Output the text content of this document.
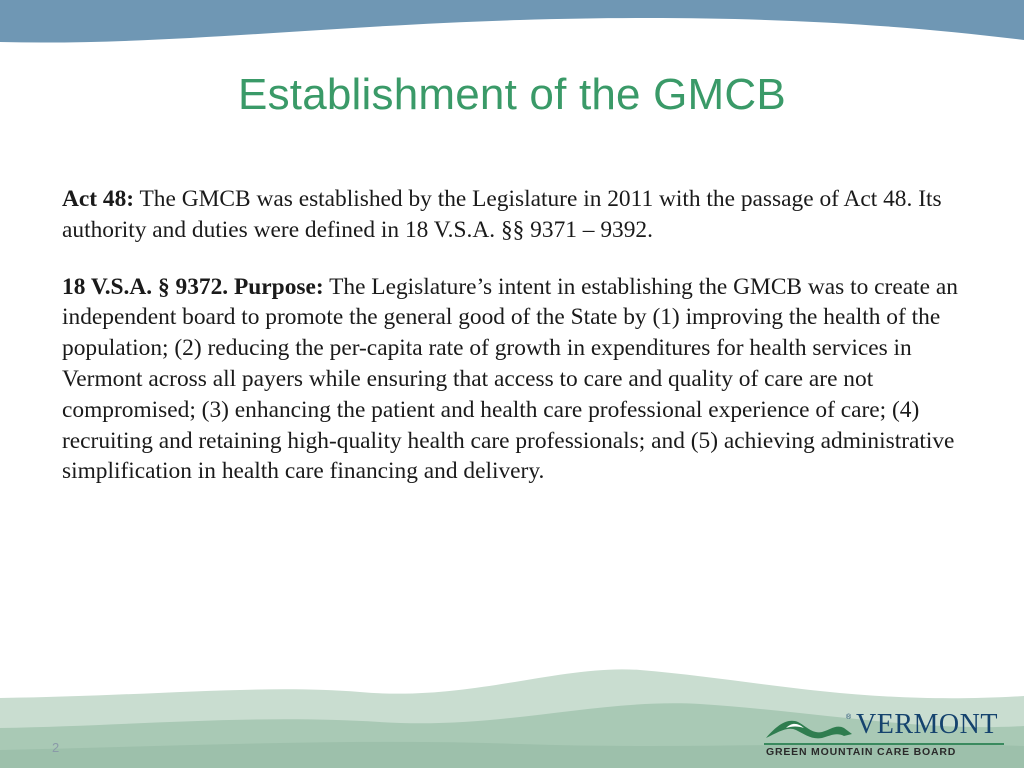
Establishment of the GMCB

Act 48: The GMCB was established by the Legislature in 2011 with the passage of Act 48. Its authority and duties were defined in 18 V.S.A. §§ 9371 – 9392.

18 V.S.A. § 9372. Purpose: The Legislature’s intent in establishing the GMCB was to create an independent board to promote the general good of the State by (1) improving the health of the population; (2) reducing the per-capita rate of growth in expenditures for health services in Vermont across all payers while ensuring that access to care and quality of care are not compromised; (3) enhancing the patient and health care professional experience of care; (4) recruiting and retaining high-quality health care professionals; and (5) achieving administrative simplification in health care financing and delivery.

2
® VERMONT
GREEN MOUNTAIN CARE BOARD
